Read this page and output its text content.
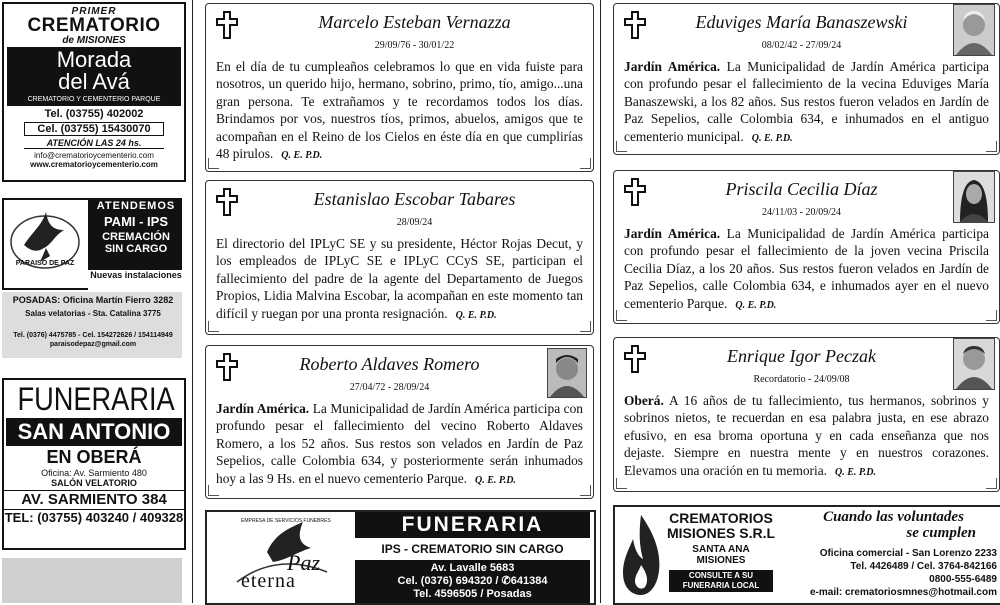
PRIMER
CREMATORIO
de MISIONES
Morada
del Avá
CREMATORIO Y CEMENTERIO PARQUE
Tel. (03755) 402002
Cel. (03755) 15430070
ATENCIÓN LAS 24 hs.
info@crematorioycementerio.com
www.crematorioycementerio.com
PARAISO DE PAZ
ATENDEMOS
PAMI - IPS
CREMACIÓN
SIN CARGO
Nuevas instalaciones
POSADAS: Oficina Martín Fierro 3282
Salas velatorias - Sta. Catalina 3775
Tel. (0376) 4475785 - Cel. 154272626 / 154114949
paraisodepaz@gmail.com
FUNERARIA
SAN ANTONIO
EN OBERÁ
Oficina: Av. Sarmiento 480
SALÓN VELATORIO
AV. SARMIENTO 384
TEL: (03755) 403240 / 409328
Marcelo Esteban Vernazza
29/09/76 - 30/01/22
En el día de tu cumpleaños celebramos lo que en vida fuiste para nosotros, un querido hijo, hermano, sobrino, primo, tío, amigo...una gran persona. Te extrañamos y te recordamos todos los días. Brindamos por vos, nuestros tíos, primos, abuelos, amigos que te acompañan en el Reino de los Cielos en éste día en que cumplirías 48 pirulos. Q. E. P.D.
Estanislao Escobar Tabares
28/09/24
El directorio del IPLyC SE y su presidente, Héctor Rojas Decut, y los empleados de IPLyC SE e IPLyC CCyS SE, participan el fallecimiento del padre de la agente del Departamento de Juegos Propios, Lidia Malvina Escobar, la acompañan en este momento tan difícil y ruegan por una pronta resignación. Q. E. P.D.
Roberto Aldaves Romero
27/04/72 - 28/09/24
Jardín América. La Municipalidad de Jardín América participa con profundo pesar el fallecimiento del vecino Roberto Aldaves Romero, a los 52 años. Sus restos son velados en Jardín de Paz Sepelios, calle Colombia 634, y posteriormente serán inhumados hoy a las 9 Hs. en el nuevo cementerio Parque. Q. E. P.D.
Eduviges María Banaszewski
08/02/42 - 27/09/24
Jardín América. La Municipalidad de Jardín América participa con profundo pesar el fallecimiento de la vecina Eduviges María Banaszewski, a los 82 años. Sus restos fueron velados en Jardín de Paz Sepelios, calle Colombia 634, e inhumados en el antiguo cementerio municipal. Q. E. P.D.
Priscila Cecilia Díaz
24/11/03 - 20/09/24
Jardín América. La Municipalidad de Jardín América participa con profundo pesar el fallecimiento de la joven vecina Priscila Cecilia Díaz, a los 20 años. Sus restos fueron velados en Jardín de Paz Sepelios, calle Colombia 634, e inhumados ayer en el nuevo cementerio Parque. Q. E. P.D.
Enrique Igor Peczak
Recordatorio - 24/09/08
Oberá. A 16 años de tu fallecimiento, tus hermanos, sobrinos y sobrinos nietos, te recuerdan en esa palabra justa, en ese abrazo efusivo, en esa broma oportuna y en cada enseñanza que nos dejaste. Siempre en nuestra mente y en nuestros corazones. Elevamos una oración en tu memoria. Q. E. P.D.
EMPRESA DE SERVICIOS FUNEBRES
Paz
eterna
FUNERARIA
IPS - CREMATORIO SIN CARGO
Av. Lavalle 5683
Cel. (0376) 694320 / ✆641384
Tel. 4596505 / Posadas
CREMATORIOS
MISIONES S.R.L
SANTA ANA
MISIONES
CONSULTE A SU
FUNERARIA LOCAL
Cuando las voluntades
se cumplen
Oficina comercial - San Lorenzo 2233
Tel. 4426489 / Cel. 3764-842166
0800-555-6489
e-mail: crematoriosmnes@hotmail.com
